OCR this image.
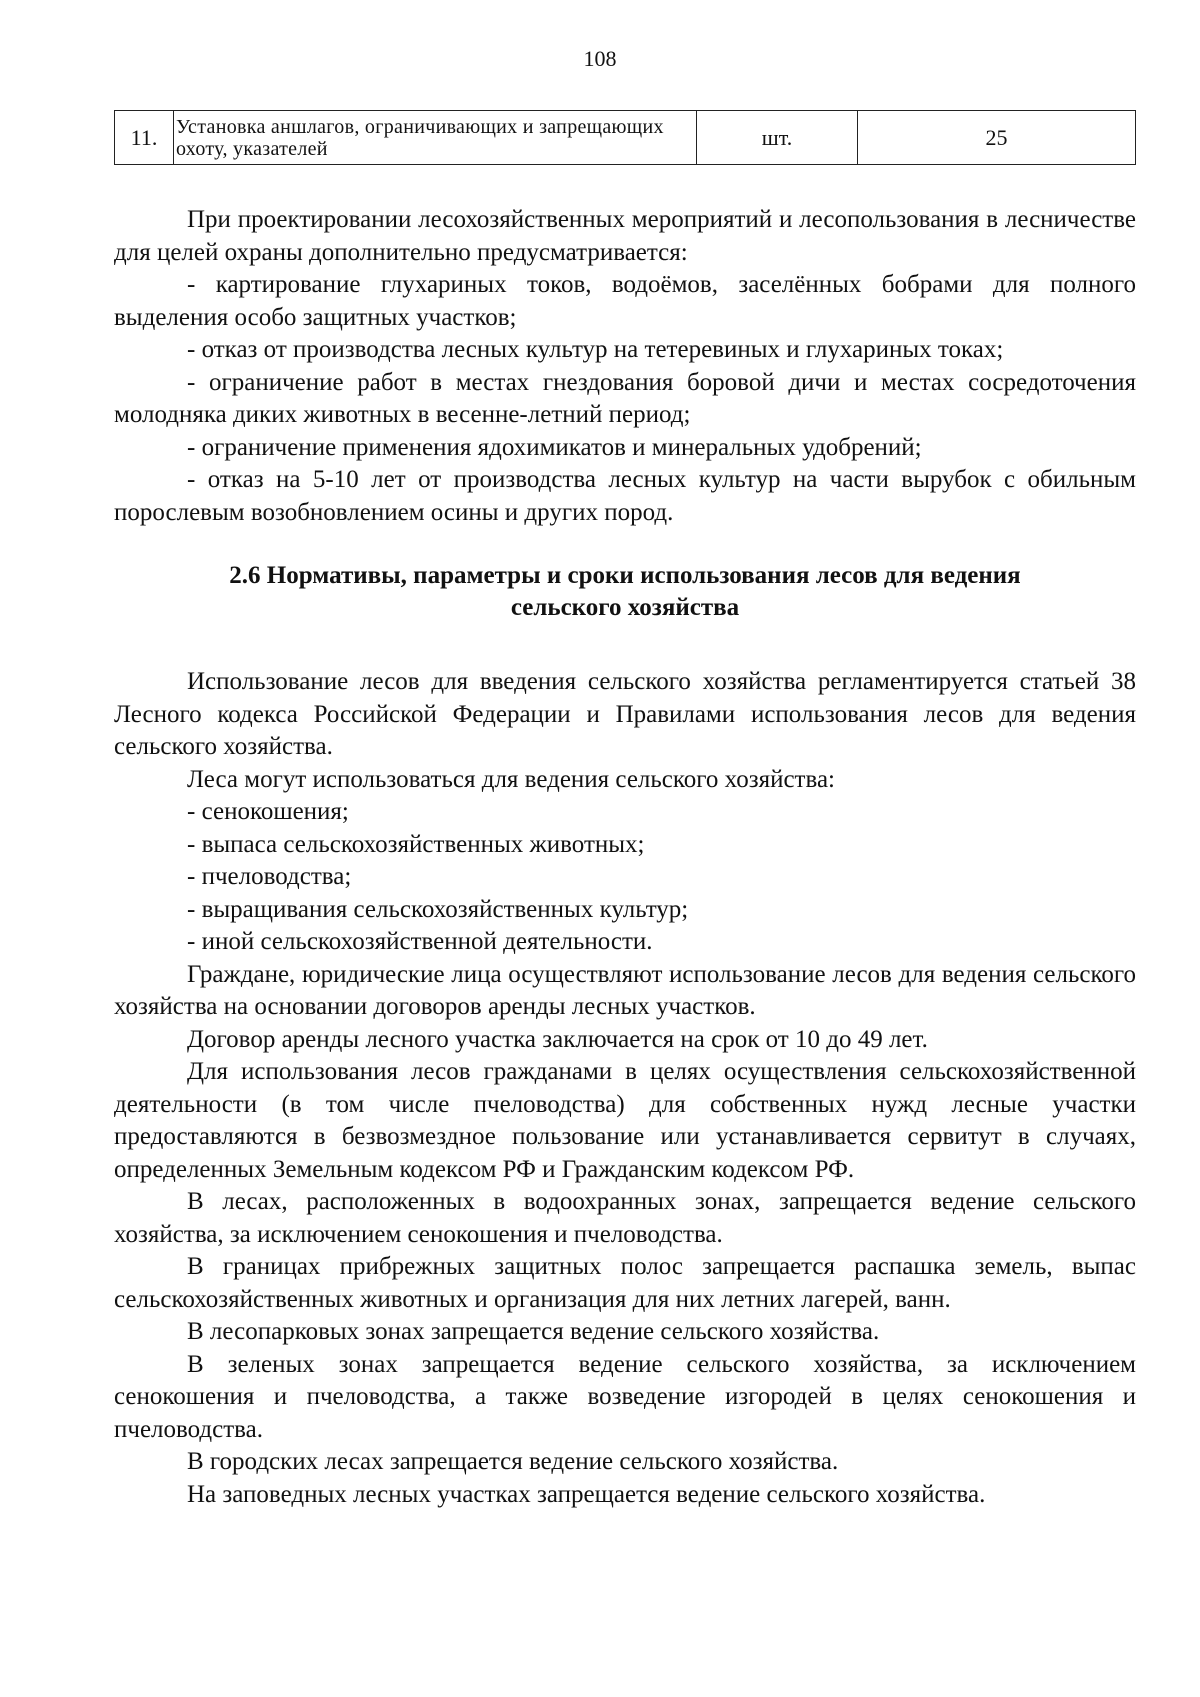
108
11.	Установка аншлагов, ограничивающих и запрещающих охоту, указателей	шт.	25

При проектировании лесохозяйственных мероприятий и лесопользования в лесничестве для целей охраны дополнительно предусматривается:

- картирование глухариных токов, водоёмов, заселённых бобрами для полного выделения особо защитных участков;

- отказ от производства лесных культур на тетеревиных и глухариных токах;

- ограничение работ в местах гнездования боровой дичи и местах сосредоточения молодняка диких животных в весенне-летний период;

- ограничение применения ядохимикатов и минеральных удобрений;

- отказ на 5-10 лет от производства лесных культур на части вырубок с обильным порослевым возобновлением осины и других пород.

2.6 Нормативы, параметры и сроки использования лесов для ведения
сельского хозяйства

Использование лесов для введения сельского хозяйства регламентируется статьей 38 Лесного кодекса Российской Федерации и Правилами использования лесов для ведения сельского хозяйства.

Леса могут использоваться для ведения сельского хозяйства:

- сенокошения;

- выпаса сельскохозяйственных животных;

- пчеловодства;

- выращивания сельскохозяйственных культур;

- иной сельскохозяйственной деятельности.

Граждане, юридические лица осуществляют использование лесов для ведения сельского хозяйства на основании договоров аренды лесных участков.

Договор аренды лесного участка заключается на срок от 10 до 49 лет.

Для использования лесов гражданами в целях осуществления сельскохозяйственной деятельности (в том числе пчеловодства) для собственных нужд лесные участки предоставляются в безвозмездное пользование или устанавливается сервитут в случаях, определенных Земельным кодексом РФ и Гражданским кодексом РФ.

В лесах, расположенных в водоохранных зонах, запрещается ведение сельского хозяйства, за исключением сенокошения и пчеловодства.

В границах прибрежных защитных полос запрещается распашка земель, выпас сельскохозяйственных животных и организация для них летних лагерей, ванн.

В лесопарковых зонах запрещается ведение сельского хозяйства.

В зеленых зонах запрещается ведение сельского хозяйства, за исключением сенокошения и пчеловодства, а также возведение изгородей в целях сенокошения и пчеловодства.

В городских лесах запрещается ведение сельского хозяйства.

На заповедных лесных участках запрещается ведение сельского хозяйства.
